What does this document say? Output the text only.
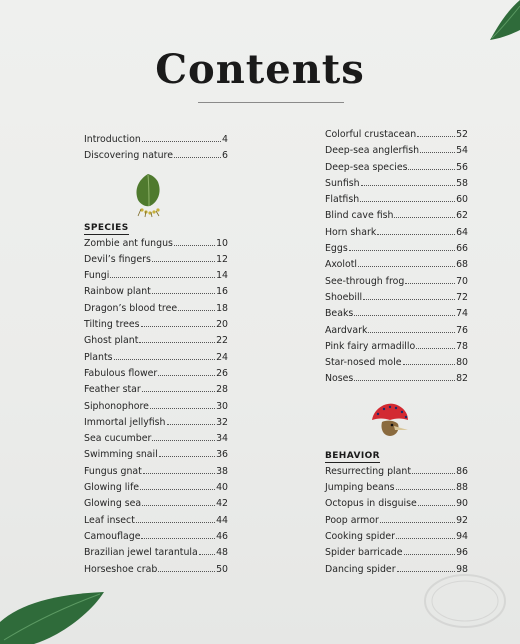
Contents
Introduction	4
Discovering nature	6
SPECIES
Zombie ant fungus	10
Devil’s fingers	12
Fungi	14
Rainbow plant	16
Dragon’s blood tree	18
Tilting trees	20
Ghost plant	22
Plants	24
Fabulous flower	26
Feather star	28
Siphonophore	30
Immortal jellyfish	32
Sea cucumber	34
Swimming snail	36
Fungus gnat	38
Glowing life	40
Glowing sea	42
Leaf insect	44
Camouflage	46
Brazilian jewel tarantula 48
Horseshoe crab	50
Colorful crustacean	52
Deep-sea anglerfish	54
Deep-sea species	56
Sunfish	58
Flatfish	60
Blind cave fish	62
Horn shark	64
Eggs	66
Axolotl	68
See-through frog	70
Shoebill	72
Beaks	74
Aardvark	76
Pink fairy armadillo	78
Star-nosed mole	80
Noses	82
BEHAVIOR
Resurrecting plant	86
Jumping beans	88
Octopus in disguise	90
Poop armor	92
Cooking spider	94
Spider barricade	96
Dancing spider	98
